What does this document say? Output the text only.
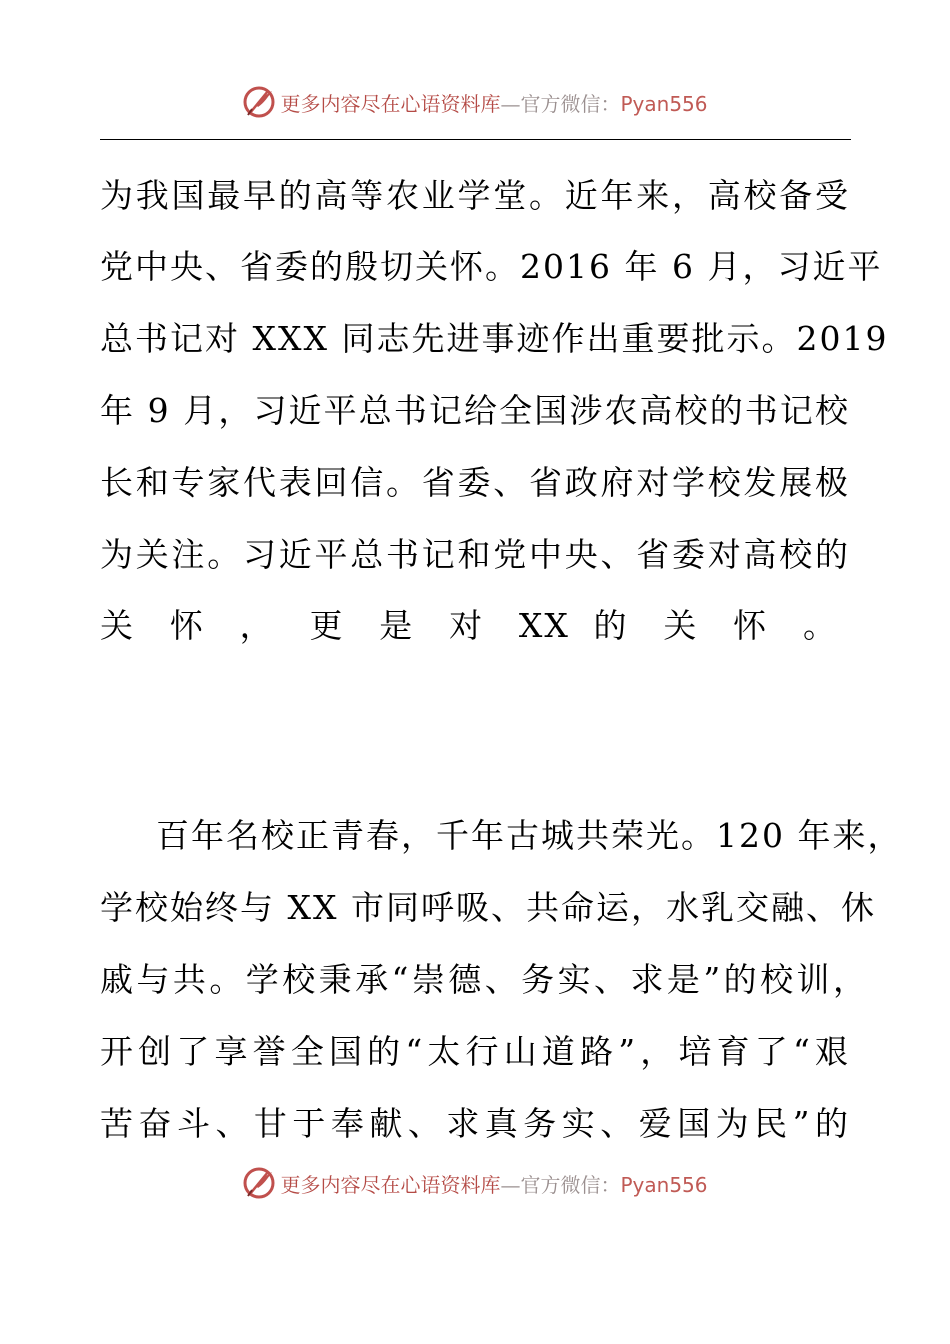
更多内容尽在心语资料库—官方微信：Pyan556
为我国最早的高等农业学堂。近年来，高校备受
党中央、省委的殷切关怀。2016 年 6 月，习近平
总书记对 XXX 同志先进事迹作出重要批示。2019
年 9 月，习近平总书记给全国涉农高校的书记校
长和专家代表回信。省委、省政府对学校发展极
为关注。习近平总书记和党中央、省委对高校的
关 怀 ， 更 是 对 XX 的 关 怀 。
百年名校正青春，千年古城共荣光。120 年来，
学校始终与 XX 市同呼吸、共命运，水乳交融、休
戚与共。学校秉承“崇德、务实、求是”的校训，
开创了享誉全国的“太行山道路”，培育了“艰
苦奋斗、甘于奉献、求真务实、爱国为民”的
更多内容尽在心语资料库—官方微信：Pyan556
